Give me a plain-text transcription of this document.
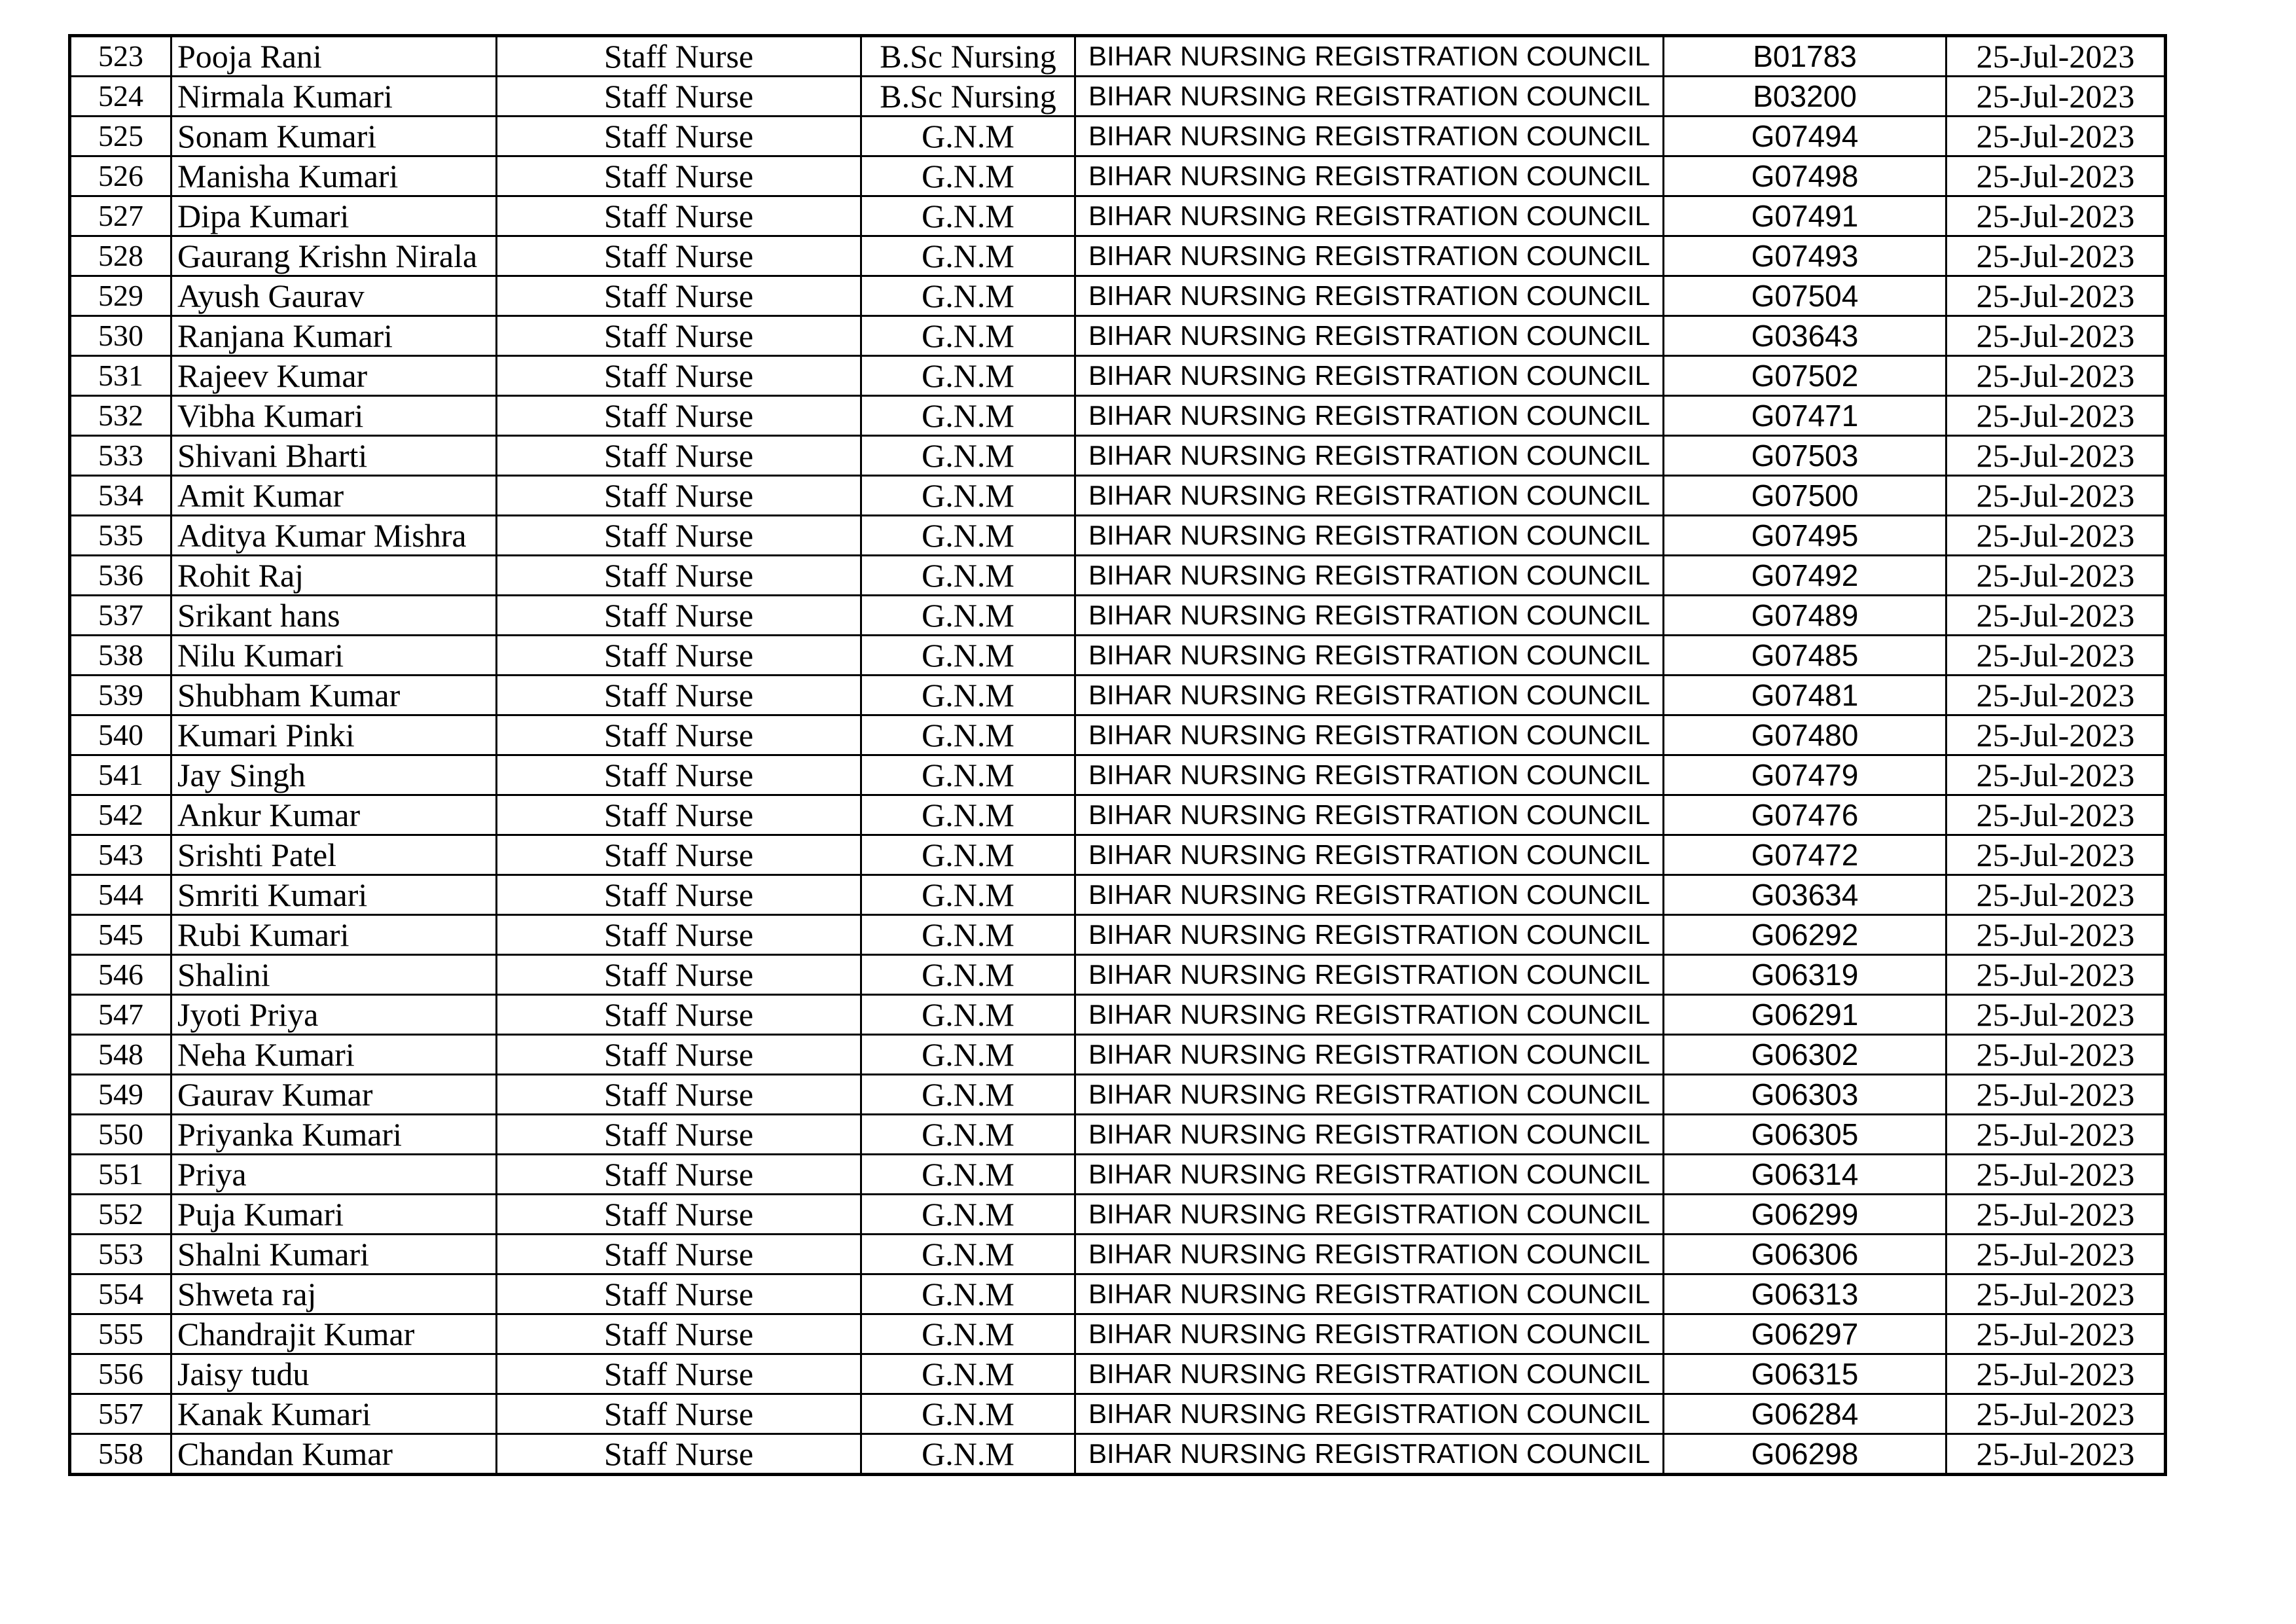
523	Pooja Rani	Staff Nurse	B.Sc Nursing	BIHAR NURSING REGISTRATION COUNCIL	B01783	25-Jul-2023
524	Nirmala Kumari	Staff Nurse	B.Sc Nursing	BIHAR NURSING REGISTRATION COUNCIL	B03200	25-Jul-2023
525	Sonam Kumari	Staff Nurse	G.N.M	BIHAR NURSING REGISTRATION COUNCIL	G07494	25-Jul-2023
526	Manisha Kumari	Staff Nurse	G.N.M	BIHAR NURSING REGISTRATION COUNCIL	G07498	25-Jul-2023
527	Dipa Kumari	Staff Nurse	G.N.M	BIHAR NURSING REGISTRATION COUNCIL	G07491	25-Jul-2023
528	Gaurang Krishn Nirala	Staff Nurse	G.N.M	BIHAR NURSING REGISTRATION COUNCIL	G07493	25-Jul-2023
529	Ayush Gaurav	Staff Nurse	G.N.M	BIHAR NURSING REGISTRATION COUNCIL	G07504	25-Jul-2023
530	Ranjana Kumari	Staff Nurse	G.N.M	BIHAR NURSING REGISTRATION COUNCIL	G03643	25-Jul-2023
531	Rajeev Kumar	Staff Nurse	G.N.M	BIHAR NURSING REGISTRATION COUNCIL	G07502	25-Jul-2023
532	Vibha Kumari	Staff Nurse	G.N.M	BIHAR NURSING REGISTRATION COUNCIL	G07471	25-Jul-2023
533	Shivani Bharti	Staff Nurse	G.N.M	BIHAR NURSING REGISTRATION COUNCIL	G07503	25-Jul-2023
534	Amit Kumar	Staff Nurse	G.N.M	BIHAR NURSING REGISTRATION COUNCIL	G07500	25-Jul-2023
535	Aditya Kumar Mishra	Staff Nurse	G.N.M	BIHAR NURSING REGISTRATION COUNCIL	G07495	25-Jul-2023
536	Rohit Raj	Staff Nurse	G.N.M	BIHAR NURSING REGISTRATION COUNCIL	G07492	25-Jul-2023
537	Srikant hans	Staff Nurse	G.N.M	BIHAR NURSING REGISTRATION COUNCIL	G07489	25-Jul-2023
538	Nilu Kumari	Staff Nurse	G.N.M	BIHAR NURSING REGISTRATION COUNCIL	G07485	25-Jul-2023
539	Shubham Kumar	Staff Nurse	G.N.M	BIHAR NURSING REGISTRATION COUNCIL	G07481	25-Jul-2023
540	Kumari Pinki	Staff Nurse	G.N.M	BIHAR NURSING REGISTRATION COUNCIL	G07480	25-Jul-2023
541	Jay Singh	Staff Nurse	G.N.M	BIHAR NURSING REGISTRATION COUNCIL	G07479	25-Jul-2023
542	Ankur Kumar	Staff Nurse	G.N.M	BIHAR NURSING REGISTRATION COUNCIL	G07476	25-Jul-2023
543	Srishti Patel	Staff Nurse	G.N.M	BIHAR NURSING REGISTRATION COUNCIL	G07472	25-Jul-2023
544	Smriti Kumari	Staff Nurse	G.N.M	BIHAR NURSING REGISTRATION COUNCIL	G03634	25-Jul-2023
545	Rubi Kumari	Staff Nurse	G.N.M	BIHAR NURSING REGISTRATION COUNCIL	G06292	25-Jul-2023
546	Shalini	Staff Nurse	G.N.M	BIHAR NURSING REGISTRATION COUNCIL	G06319	25-Jul-2023
547	Jyoti Priya	Staff Nurse	G.N.M	BIHAR NURSING REGISTRATION COUNCIL	G06291	25-Jul-2023
548	Neha Kumari	Staff Nurse	G.N.M	BIHAR NURSING REGISTRATION COUNCIL	G06302	25-Jul-2023
549	Gaurav Kumar	Staff Nurse	G.N.M	BIHAR NURSING REGISTRATION COUNCIL	G06303	25-Jul-2023
550	Priyanka Kumari	Staff Nurse	G.N.M	BIHAR NURSING REGISTRATION COUNCIL	G06305	25-Jul-2023
551	Priya	Staff Nurse	G.N.M	BIHAR NURSING REGISTRATION COUNCIL	G06314	25-Jul-2023
552	Puja Kumari	Staff Nurse	G.N.M	BIHAR NURSING REGISTRATION COUNCIL	G06299	25-Jul-2023
553	Shalni Kumari	Staff Nurse	G.N.M	BIHAR NURSING REGISTRATION COUNCIL	G06306	25-Jul-2023
554	Shweta raj	Staff Nurse	G.N.M	BIHAR NURSING REGISTRATION COUNCIL	G06313	25-Jul-2023
555	Chandrajit Kumar	Staff Nurse	G.N.M	BIHAR NURSING REGISTRATION COUNCIL	G06297	25-Jul-2023
556	Jaisy tudu	Staff Nurse	G.N.M	BIHAR NURSING REGISTRATION COUNCIL	G06315	25-Jul-2023
557	Kanak Kumari	Staff Nurse	G.N.M	BIHAR NURSING REGISTRATION COUNCIL	G06284	25-Jul-2023
558	Chandan Kumar	Staff Nurse	G.N.M	BIHAR NURSING REGISTRATION COUNCIL	G06298	25-Jul-2023
